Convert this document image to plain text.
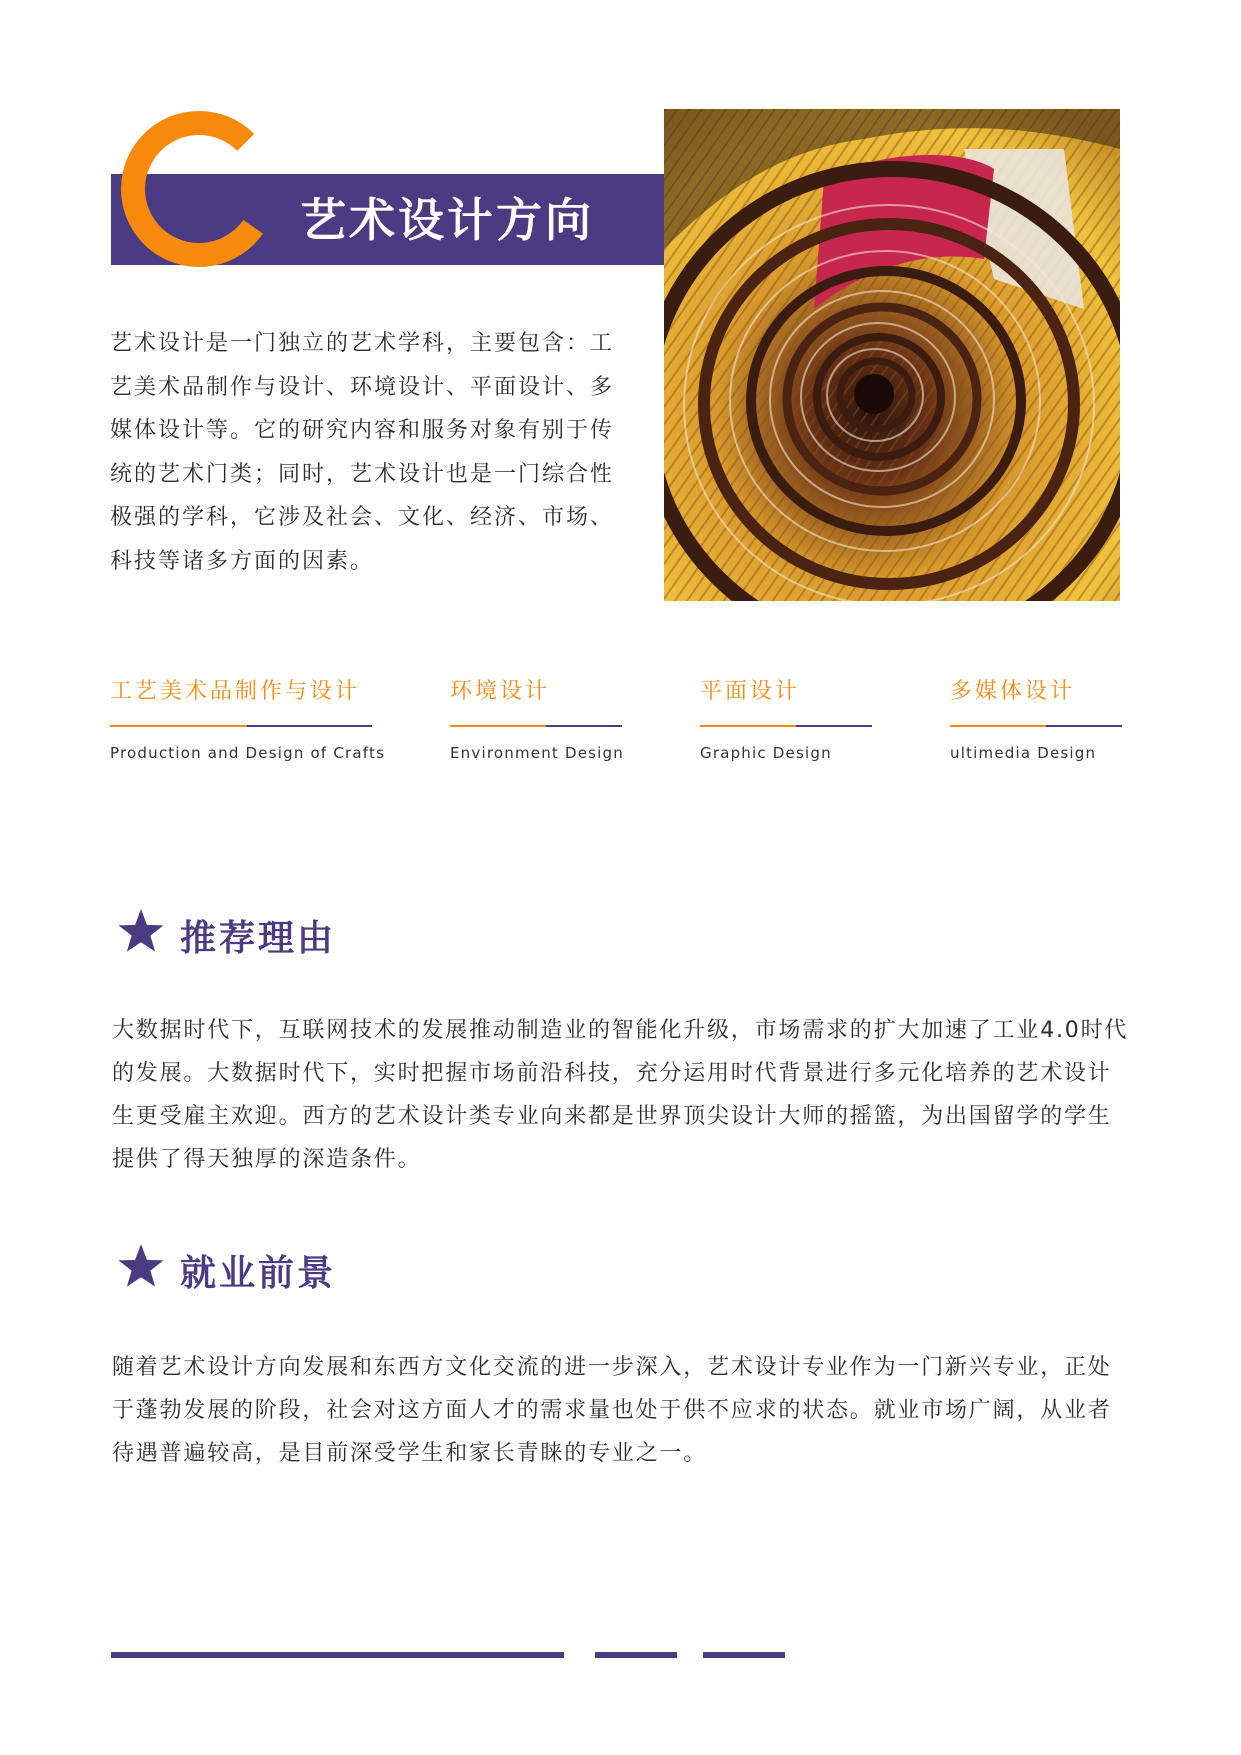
艺术设计方向
艺术设计是一门独立的艺术学科，主要包含：工艺美术品制作与设计、环境设计、平面设计、多媒体设计等。它的研究内容和服务对象有别于传统的艺术门类；同时，艺术设计也是一门综合性极强的学科，它涉及社会、文化、经济、市场、科技等诸多方面的因素。
工艺美术品制作与设计
Production and Design of Crafts
环境设计
Environment Design
平面设计
Graphic Design
多媒体设计
ultimedia Design
推荐理由
大数据时代下，互联网技术的发展推动制造业的智能化升级，市场需求的扩大加速了工业4.0时代的发展。大数据时代下，实时把握市场前沿科技，充分运用时代背景进行多元化培养的艺术设计生更受雇主欢迎。西方的艺术设计类专业向来都是世界顶尖设计大师的摇篮，为出国留学的学生提供了得天独厚的深造条件。
就业前景
随着艺术设计方向发展和东西方文化交流的进一步深入，艺术设计专业作为一门新兴专业，正处于蓬勃发展的阶段，社会对这方面人才的需求量也处于供不应求的状态。就业市场广阔，从业者待遇普遍较高，是目前深受学生和家长青睐的专业之一。
